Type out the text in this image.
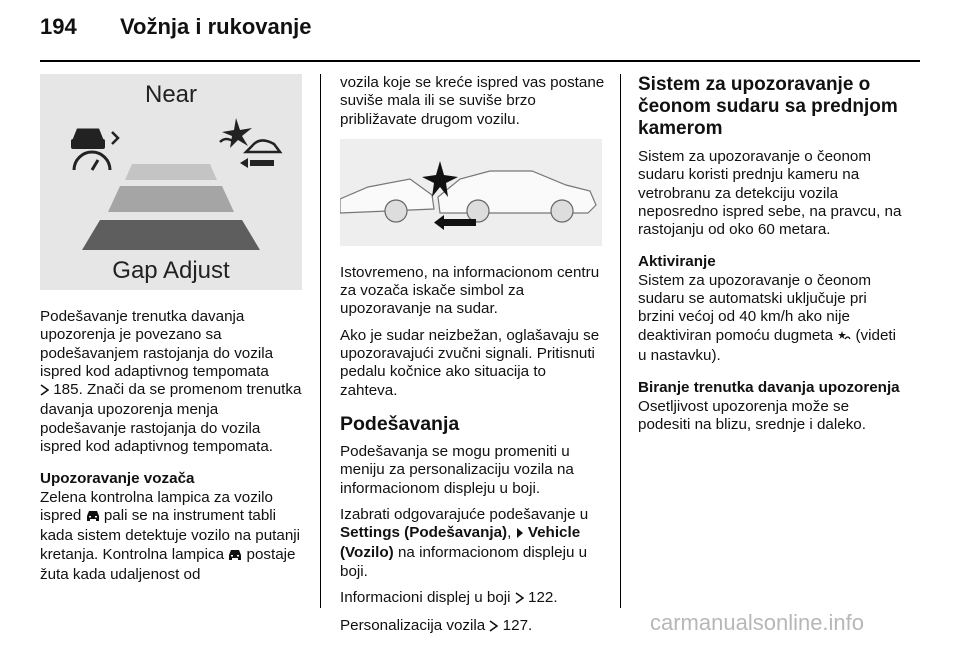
194	Vožnja i rukovanje
Near
Gap Adjust

Podešavanje trenutka davanja upozorenja je povezano sa podešavanjem rastojanja do vozila ispred kod adaptivnog tempomata
185. Znači da se promenom trenutka davanja upozorenja menja podešavanje rastojanja do vozila ispred kod adaptivnog tempomata.

Upozoravanje vozača

Zelena kontrolna lampica za vozilo ispred pali se na instrument tabli kada sistem detektuje vozilo na putanji kretanja. Kontrolna lampica postaje žuta kada udaljenost od

vozila koje se kreće ispred vas postane suviše mala ili se suviše brzo približavate drugom vozilu.

Istovremeno, na informacionom centru za vozača iskače simbol za upozoravanje na sudar.

Ako je sudar neizbežan, oglašavaju se upozoravajući zvučni signali. Pritisnuti pedalu kočnice ako situacija to zahteva.

Podešavanja

Podešavanja se mogu promeniti u meniju za personalizaciju vozila na informacionom displeju u boji.

Izabrati odgovarajuće podešavanje u Settings (Podešavanja), Vehicle (Vozilo) na informacionom displeju u boji.

Informacioni displej u boji 122.

Personalizacija vozila 127.

Sistem za upozoravanje o čeonom sudaru sa prednjom kamerom

Sistem za upozoravanje o čeonom sudaru koristi prednju kameru na vetrobranu za detekciju vozila neposredno ispred sebe, na pravcu, na rastojanju od oko 60 metara.

Aktiviranje

Sistem za upozoravanje o čeonom sudaru se automatski uključuje pri brzini većoj od 40 km/h ako nije deaktiviran pomoću dugmeta (videti u nastavku).

Biranje trenutka davanja upozorenja

Osetljivost upozorenja može se podesiti na blizu, srednje i daleko.

carmanualsonline.info
